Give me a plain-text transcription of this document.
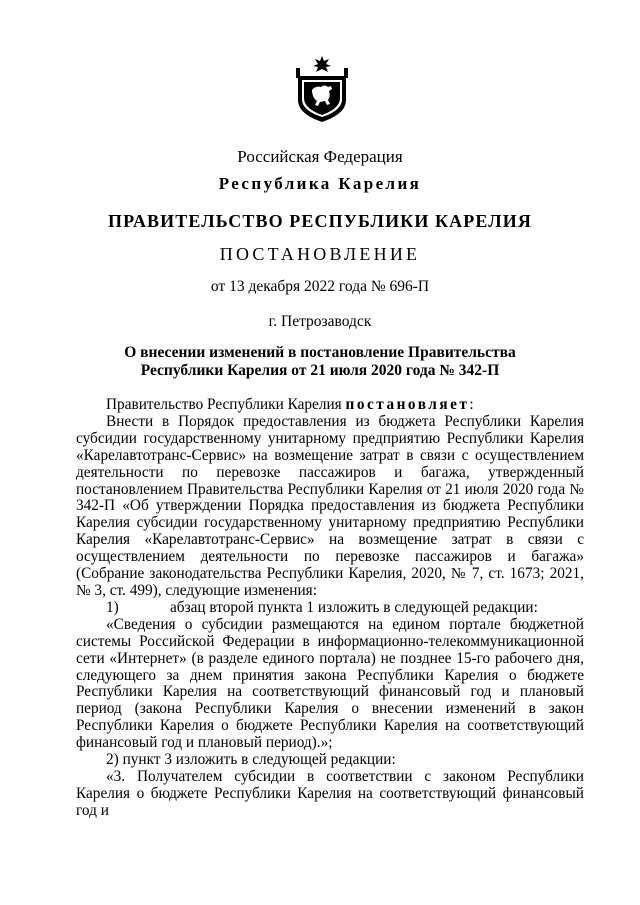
Российская Федерация
Республика Карелия
ПРАВИТЕЛЬСТВО РЕСПУБЛИКИ КАРЕЛИЯ
ПОСТАНОВЛЕНИЕ
от 13 декабря 2022 года № 696-П
г. Петрозаводск
О внесении изменений в постановление Правительства
Республики Карелия от 21 июля 2020 года № 342-П

Правительство Республики Карелия постановляет:

Внести в Порядок предоставления из бюджета Республики Карелия субсидии государственному унитарному предприятию Республики Карелия «Карелавтотранс-Сервис» на возмещение затрат в связи с осуществлением деятельности по перевозке пассажиров и багажа, утвержденный постановлением Правительства Республики Карелия от 21 июля 2020 года № 342-П «Об утверждении Порядка предоставления из бюджета Республики Карелия субсидии государственному унитарному предприятию Республики Карелия «Карелавтотранс-Сервис» на возмещение затрат в связи с осуществлением деятельности по перевозке пассажиров и багажа» (Собрание законодательства Республики Карелия, 2020, № 7, ст. 1673; 2021, № 3, ст. 499), следующие изменения:

1)	абзац второй пункта 1 изложить в следующей редакции:

«Сведения о субсидии размещаются на едином портале бюджетной системы Российской Федерации в информационно-телекоммуникационной сети «Интернет» (в разделе единого портала) не позднее 15-го рабочего дня, следующего за днем принятия закона Республики Карелия о бюджете Республики Карелия на соответствующий финансовый год и плановый период (закона Республики Карелия о внесении изменений в закон Республики Карелия о бюджете Республики Карелия на соответствующий финансовый год и плановый период).»;

2) пункт 3 изложить в следующей редакции:

«3. Получателем субсидии в соответствии с законом Республики Карелия о бюджете Республики Карелия на соответствующий финансовый год и
